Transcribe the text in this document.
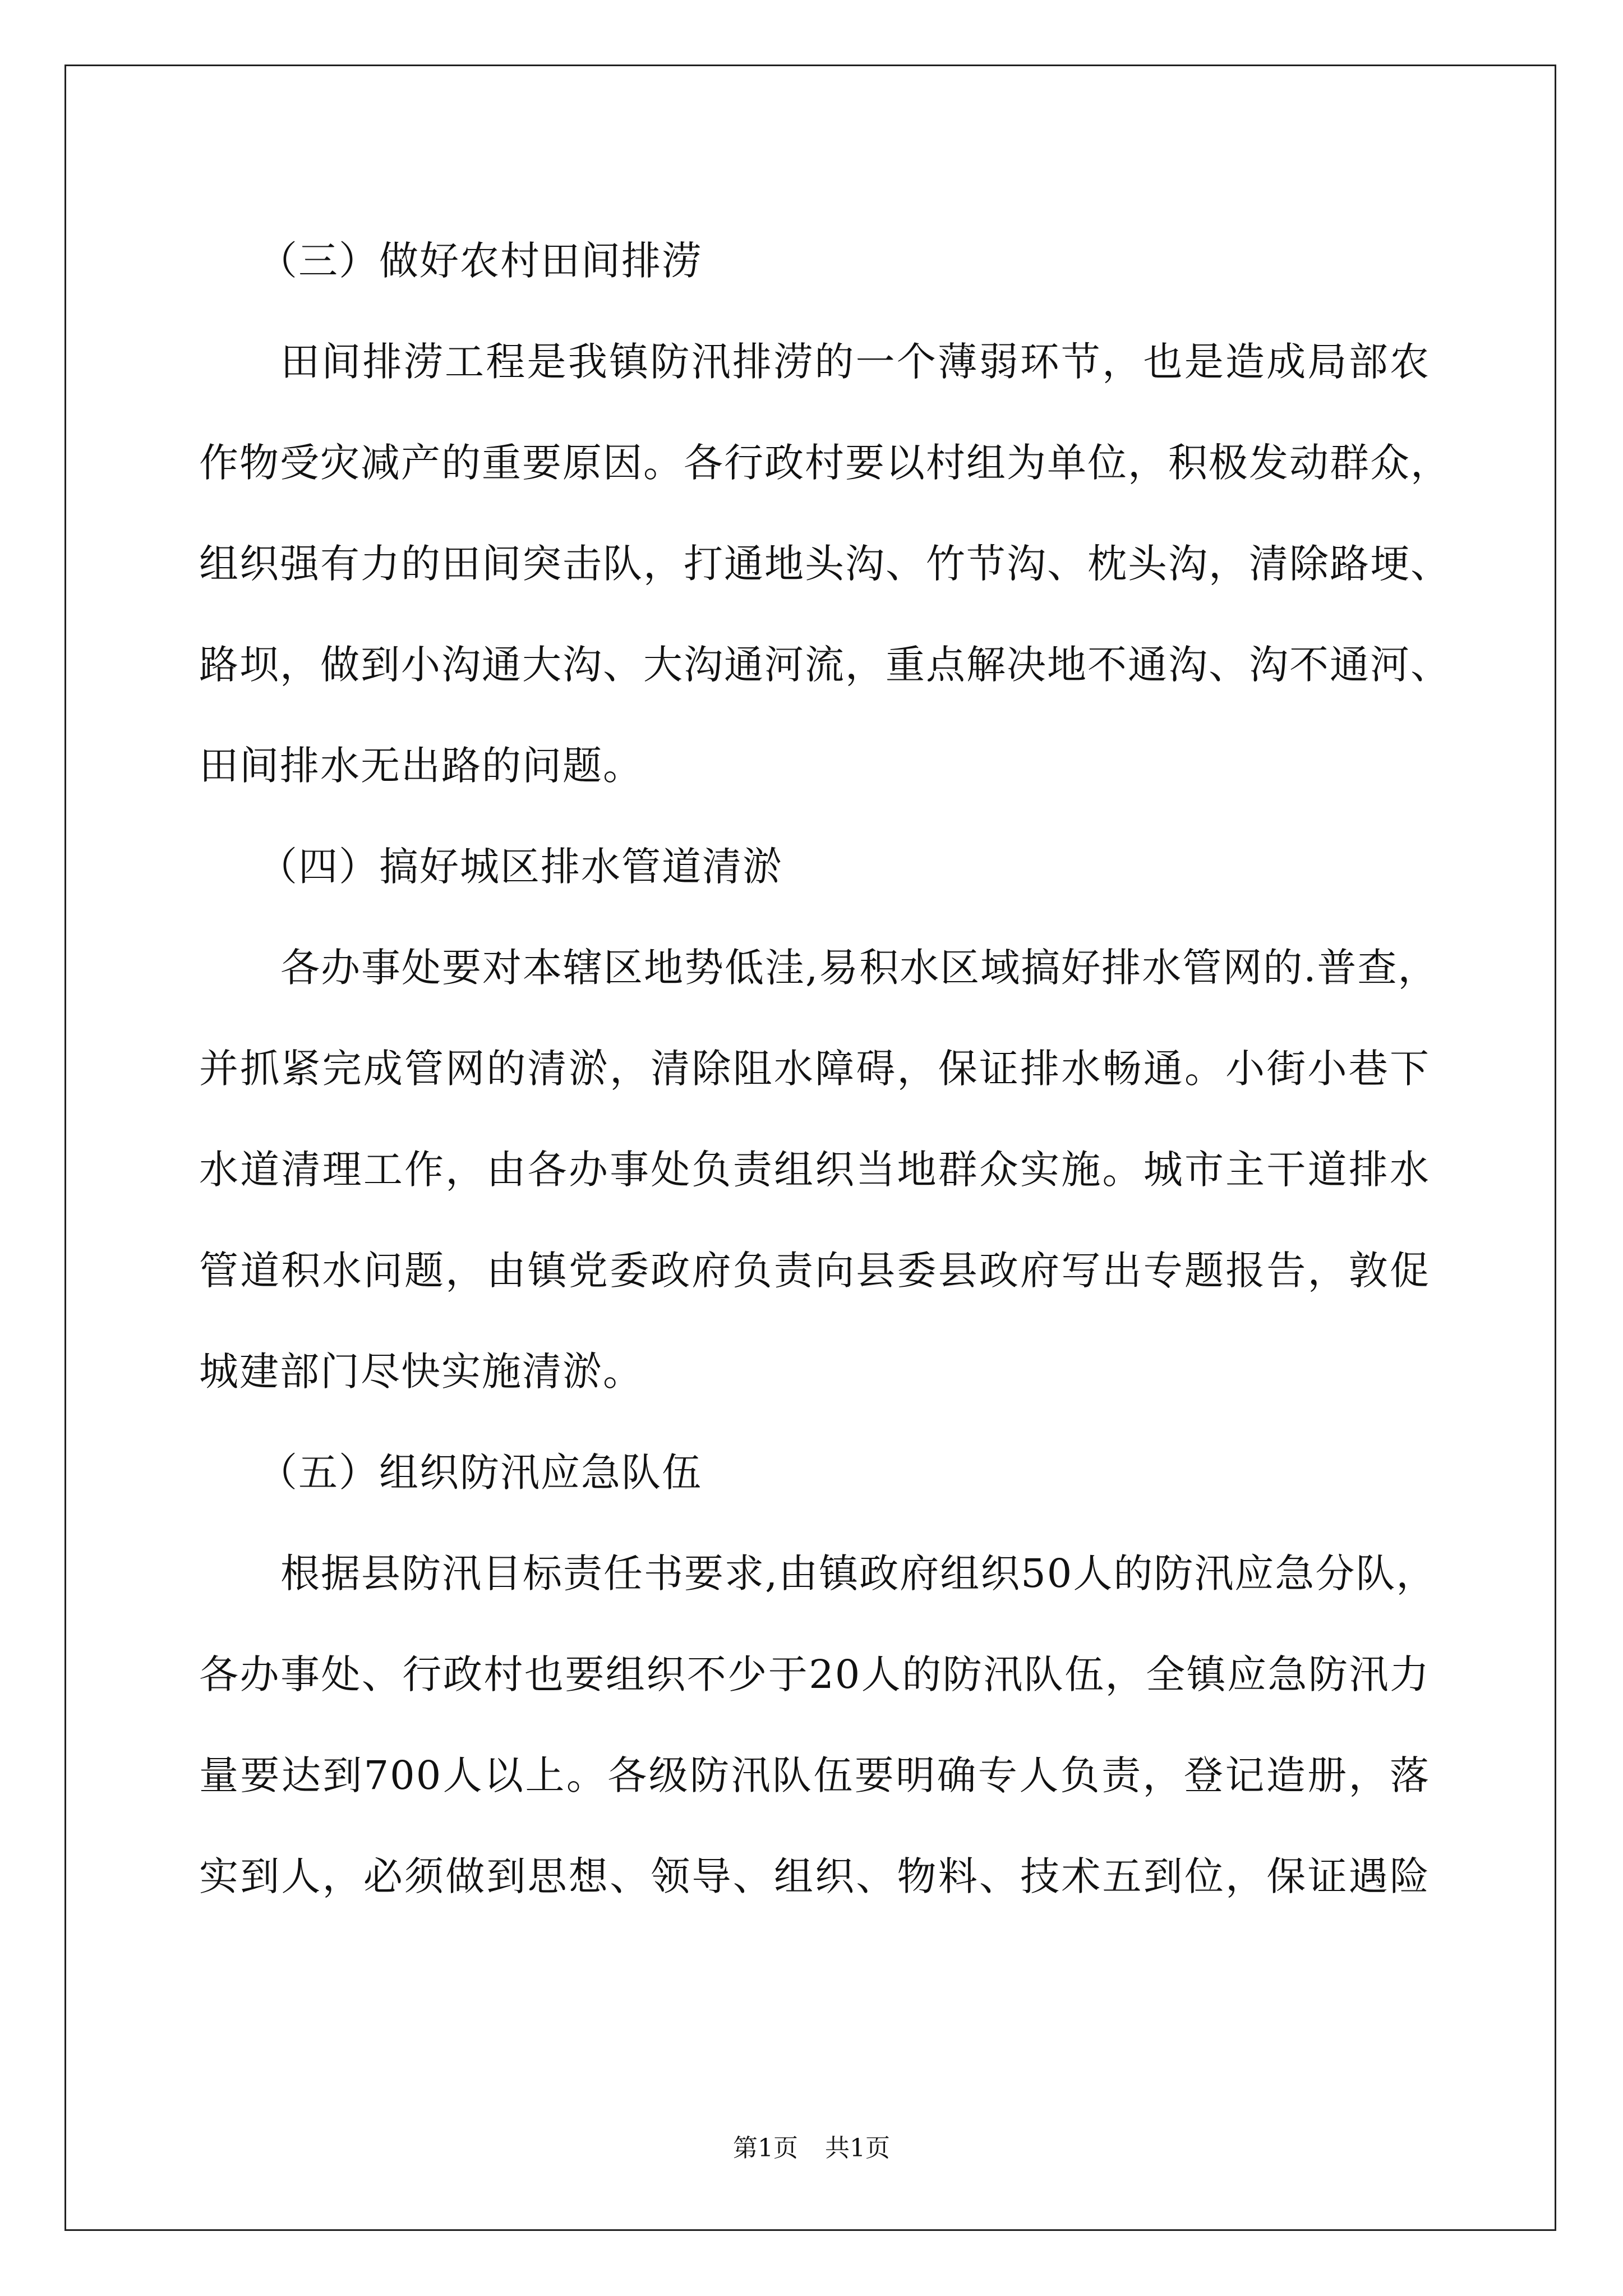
（三）做好农村田间排涝
田间排涝工程是我镇防汛排涝的一个薄弱环节，也是造成局部农
作物受灾减产的重要原因。各行政村要以村组为单位，积极发动群众，
组织强有力的田间突击队，打通地头沟、竹节沟、枕头沟，清除路埂、
路坝，做到小沟通大沟、大沟通河流，重点解决地不通沟、沟不通河、
田间排水无出路的问题。
（四）搞好城区排水管道清淤
各办事处要对本辖区地势低洼,易积水区域搞好排水管网的.普查，
并抓紧完成管网的清淤，清除阻水障碍，保证排水畅通。小街小巷下
水道清理工作，由各办事处负责组织当地群众实施。城市主干道排水
管道积水问题，由镇党委政府负责向县委县政府写出专题报告，敦促
城建部门尽快实施清淤。
（五）组织防汛应急队伍
根据县防汛目标责任书要求,由镇政府组织50人的防汛应急分队，
各办事处、行政村也要组织不少于20人的防汛队伍，全镇应急防汛力
量要达到700人以上。各级防汛队伍要明确专人负责，登记造册，落
实到人，必须做到思想、领导、组织、物料、技术五到位，保证遇险
第1页 共1页
